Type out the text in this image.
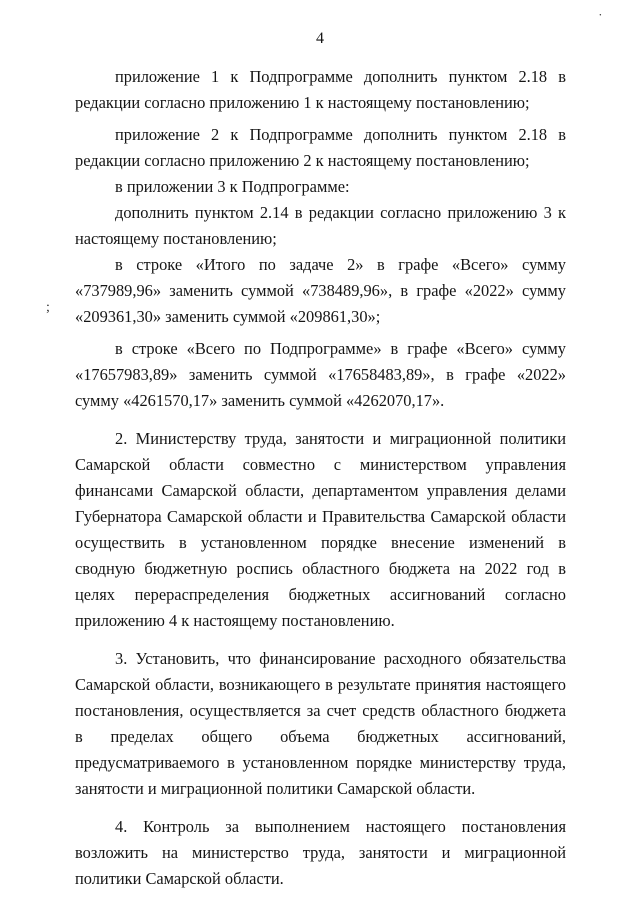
4
˙
;

приложение 1 к Подпрограмме дополнить пунктом 2.18 в редакции согласно приложению 1 к настоящему постановлению;

приложение 2 к Подпрограмме дополнить пунктом 2.18 в редакции согласно приложению 2 к настоящему постановлению;

в приложении 3 к Подпрограмме:

дополнить пунктом 2.14 в редакции согласно приложению 3 к настоящему постановлению;

в строке «Итого по задаче 2» в графе «Всего» сумму «737989,96» заменить суммой «738489,96», в графе «2022» сумму «209361,30» заменить суммой «209861,30»;

в строке «Всего по Подпрограмме» в графе «Всего» сумму «17657983,89» заменить суммой «17658483,89», в графе «2022» сумму «4261570,17» заменить суммой «4262070,17».

2. Министерству труда, занятости и миграционной политики Самарской области совместно с министерством управления финансами Самарской области, департаментом управления делами Губернатора Самарской области и Правительства Самарской области осуществить в установленном порядке внесение изменений в сводную бюджетную роспись областного бюджета на 2022 год в целях перераспределения бюджетных ассигнований согласно приложению 4 к настоящему постановлению.

3. Установить, что финансирование расходного обязательства Самарской области, возникающего в результате принятия настоящего постановления, осуществляется за счет средств областного бюджета в пределах общего объема бюджетных ассигнований, предусматриваемого в установленном порядке министерству труда, занятости и миграционной политики Самарской области.

4. Контроль за выполнением настоящего постановления возложить на министерство труда, занятости и миграционной политики Самарской области.
